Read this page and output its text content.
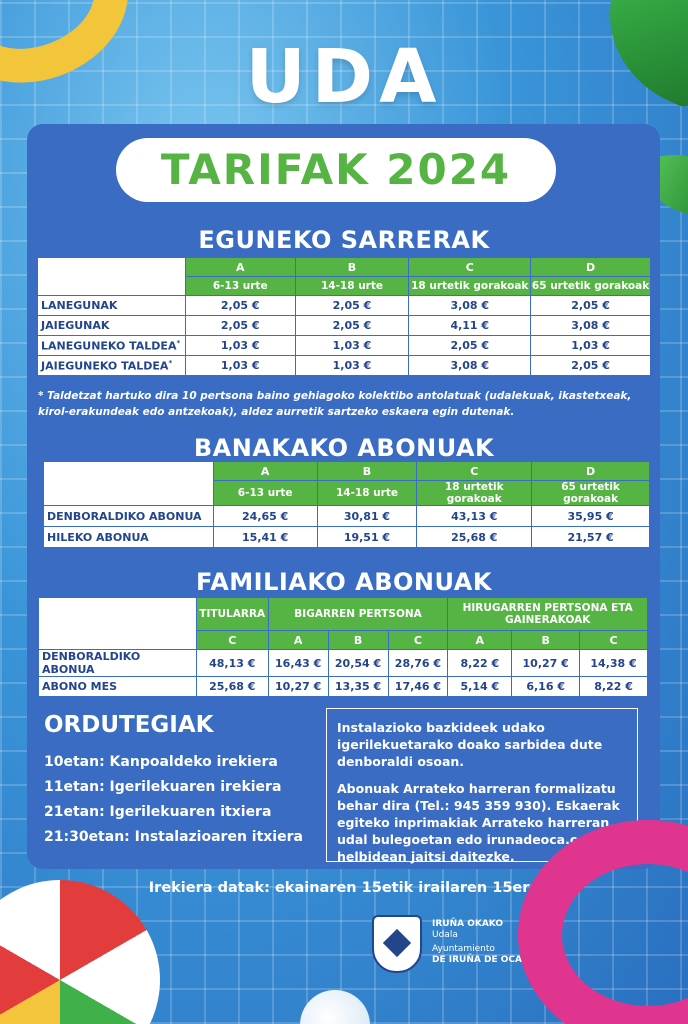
UDA
TARIFAK 2024
EGUNEKO SARRERAK
	A	B	C	D
	6-13 urte	14-18 urte	18 urtetik gorakoak	65 urtetik gorakoak
LANEGUNAK	2,05 €	2,05 €	3,08 €	2,05 €
JAIEGUNAK	2,05 €	2,05 €	4,11 €	3,08 €
LANEGUNEKO TALDEA*	1,03 €	1,03 €	2,05 €	1,03 €
JAIEGUNEKO TALDEA*	1,03 €	1,03 €	3,08 €	2,05 €
* Taldetzat hartuko dira 10 pertsona baino gehiagoko kolektibo antolatuak (udalekuak, ikastetxeak, kirol-erakundeak edo antzekoak), aldez aurretik sartzeko eskaera egin dutenak.
BANAKAKO ABONUAK
	A	B	C	D
	6-13 urte	14-18 urte	18 urtetik gorakoak	65 urtetik gorakoak
DENBORALDIKO ABONUA	24,65 €	30,81 €	43,13 €	35,95 €
HILEKO ABONUA	15,41 €	19,51 €	25,68 €	21,57 €
FAMILIAKO ABONUAK
	TITULARRA	BIGARREN PERTSONA			HIRUGARREN PERTSONA ETA GAINERAKOAK		
	C	A	B	C	A	B	C
DENBORALDIKO ABONUA	48,13 €	16,43 €	20,54 €	28,76 €	8,22 €	10,27 €	14,38 €
ABONO MES	25,68 €	10,27 €	13,35 €	17,46 €	5,14 €	6,16 €	8,22 €
ORDUTEGIAK
10etan: Kanpoaldeko irekiera
11etan: Igerilekuaren irekiera
21etan: Igerilekuaren itxiera
21:30etan: Instalazioaren itxiera

Instalazioko bazkideek udako igerilekuetarako doako sarbidea dute denboraldi osoan.

Abonuak Arrateko harreran formalizatu behar dira (Tel.: 945 359 930). Eskaerak egiteko inprimakiak Arrateko harreran, udal bulegoetan edo irunadeoca.com helbidean jaitsi daitezke.

Irekiera datak: ekainaren 15etik irailaren 15era
IRUÑA OKAKO
Udala
Ayuntamiento
DE IRUÑA DE OCA
